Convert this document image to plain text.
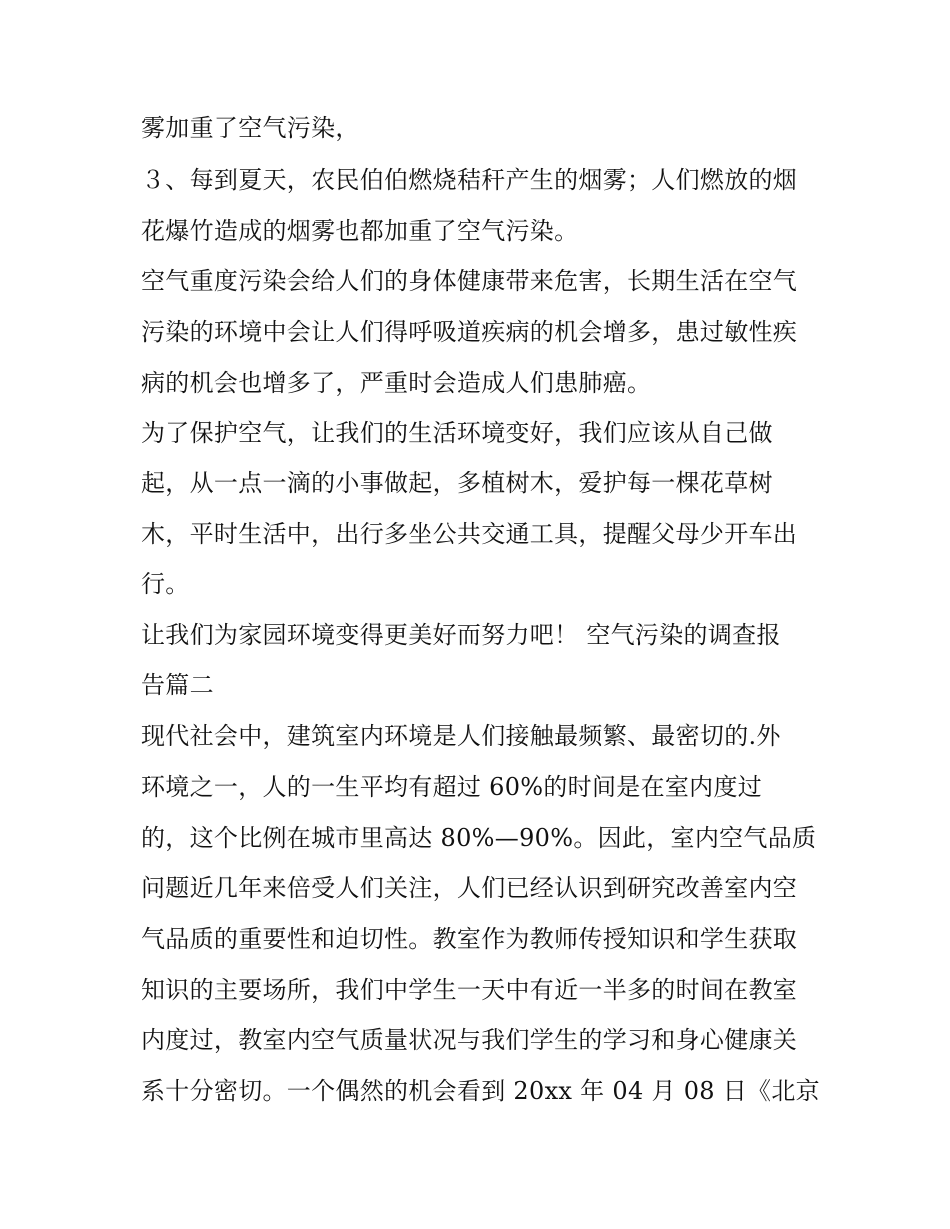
雾加重了空气污染，
３、每到夏天，农民伯伯燃烧秸秆产生的烟雾；人们燃放的烟
花爆竹造成的烟雾也都加重了空气污染。
空气重度污染会给人们的身体健康带来危害，长期生活在空气
污染的环境中会让人们得呼吸道疾病的机会增多，患过敏性疾
病的机会也增多了，严重时会造成人们患肺癌。
为了保护空气，让我们的生活环境变好，我们应该从自己做
起，从一点一滴的小事做起，多植树木，爱护每一棵花草树
木，平时生活中，出行多坐公共交通工具，提醒父母少开车出
行。
让我们为家园环境变得更美好而努力吧！ 空气污染的调查报
告篇二
现代社会中，建筑室内环境是人们接触最频繁、最密切的.外
环境之一，人的一生平均有超过 60%的时间是在室内度过
的，这个比例在城市里高达 80%—90%。因此，室内空气品质
问题近几年来倍受人们关注，人们已经认识到研究改善室内空
气品质的重要性和迫切性。教室作为教师传授知识和学生获取
知识的主要场所，我们中学生一天中有近一半多的时间在教室
内度过，教室内空气质量状况与我们学生的学习和身心健康关
系十分密切。一个偶然的机会看到 20xx 年 04 月 08 日《北京
